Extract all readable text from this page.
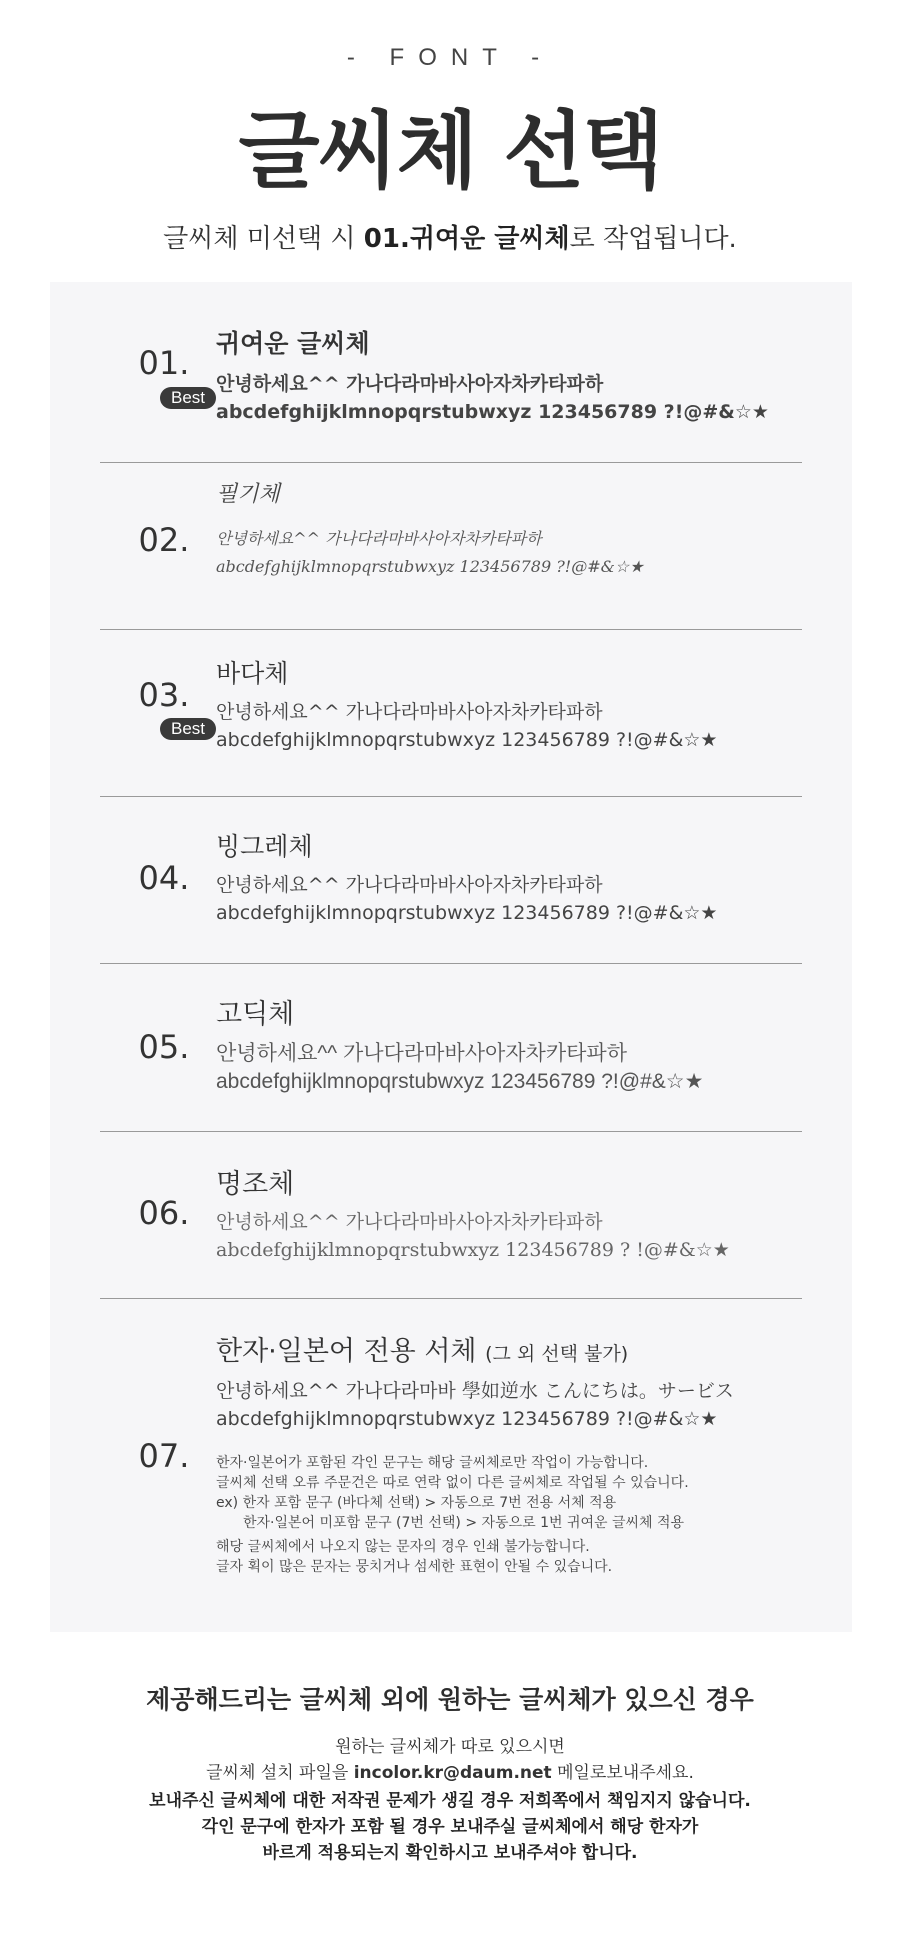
- FONT -
글씨체 선택
글씨체 미선택 시 01.귀여운 글씨체로 작업됩니다.
01.
Best
귀여운 글씨체
안녕하세요^^ 가나다라마바사아자차카타파하
abcdefghijklmnopqrstubwxyz 123456789 ?!@#&☆★
02.
필기체
안녕하세요^^ 가나다라마바사아자차카타파하
abcdefghijklmnopqrstubwxyz 123456789 ?!@#&☆★
03.
Best
바다체
안녕하세요^^ 가나다라마바사아자차카타파하
abcdefghijklmnopqrstubwxyz 123456789 ?!@#&☆★
04.
빙그레체
안녕하세요^^ 가나다라마바사아자차카타파하
abcdefghijklmnopqrstubwxyz 123456789 ?!@#&☆★
05.
고딕체
안녕하세요^^ 가나다라마바사아자차카타파하
abcdefghijklmnopqrstubwxyz 123456789 ?!@#&☆★
06.
명조체
안녕하세요^^ 가나다라마바사아자차카타파하
abcdefghijklmnopqrstubwxyz 123456789 ? !@#&☆★
07.
한자·일본어 전용 서체 (그 외 선택 불가)
안녕하세요^^ 가나다라마바 學如逆水 こんにちは。サービス
abcdefghijklmnopqrstubwxyz 123456789 ?!@#&☆★
한자·일본어가 포함된 각인 문구는 해당 글씨체로만 작업이 가능합니다.
글씨체 선택 오류 주문건은 따로 연락 없이 다른 글씨체로 작업될 수 있습니다.
ex) 한자 포함 문구 (바다체 선택) > 자동으로 7번 전용 서체 적용
한자·일본어 미포함 문구 (7번 선택) > 자동으로 1번 귀여운 글씨체 적용
해당 글씨체에서 나오지 않는 문자의 경우 인쇄 불가능합니다.
글자 획이 많은 문자는 뭉치거나 섬세한 표현이 안될 수 있습니다.
제공해드리는 글씨체 외에 원하는 글씨체가 있으신 경우
원하는 글씨체가 따로 있으시면
글씨체 설치 파일을 incolor.kr@daum.net 메일로보내주세요.
보내주신 글씨체에 대한 저작권 문제가 생길 경우 저희쪽에서 책임지지 않습니다.
각인 문구에 한자가 포함 될 경우 보내주실 글씨체에서 해당 한자가
바르게 적용되는지 확인하시고 보내주셔야 합니다.
